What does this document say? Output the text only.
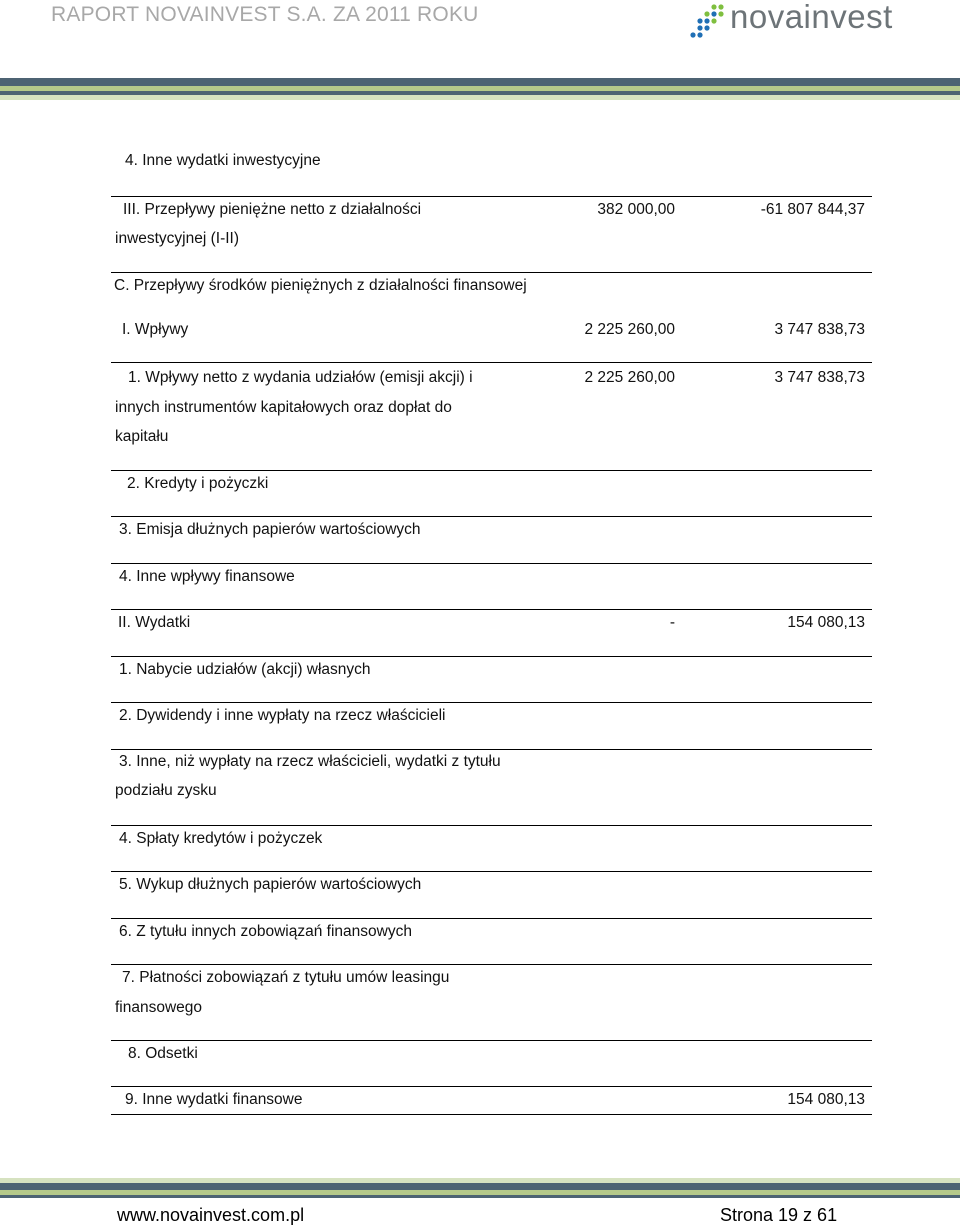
RAPORT NOVAINVEST S.A. ZA 2011 ROKU	novainvest
4. Inne wydatki inwestycyjne
III. Przepływy pieniężne netto z działalności
inwestycyjnej (I-II)
382 000,00	-61 807 844,37
C. Przepływy środków pieniężnych z działalności finansowej
I. Wpływy	2 225 260,00	3 747 838,73
1. Wpływy netto z wydania udziałów (emisji akcji) i
innych instrumentów kapitałowych oraz dopłat do
kapitału
2 225 260,00	3 747 838,73
2. Kredyty i pożyczki
3. Emisja dłużnych papierów wartościowych
4. Inne wpływy finansowe
II. Wydatki	-	154 080,13
1. Nabycie udziałów (akcji) własnych
2. Dywidendy i inne wypłaty na rzecz właścicieli
3. Inne, niż wypłaty na rzecz właścicieli, wydatki z tytułu
podziału zysku
4. Spłaty kredytów i pożyczek
5. Wykup dłużnych papierów wartościowych
6. Z tytułu innych zobowiązań finansowych
7. Płatności zobowiązań z tytułu umów leasingu
finansowego
8. Odsetki
9. Inne wydatki finansowe	154 080,13
www.novainvest.com.pl	Strona 19 z 61
